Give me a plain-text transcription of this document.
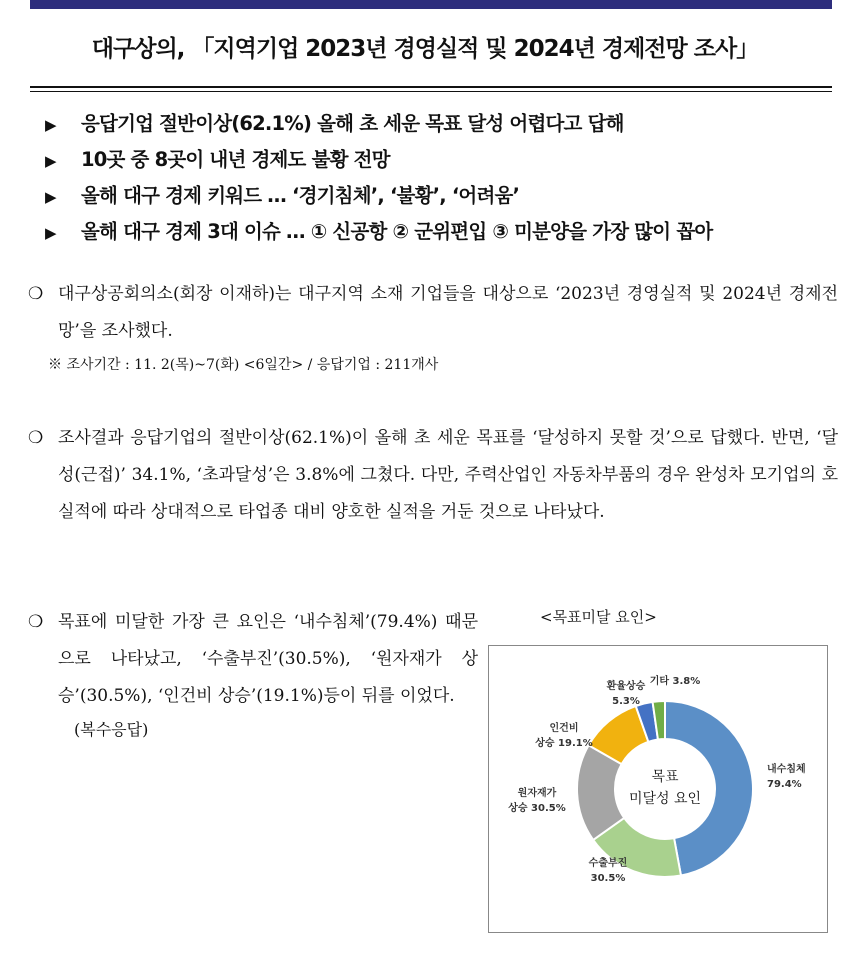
대구상의, 「지역기업 2023년 경영실적 및 2024년 경제전망 조사」
▶ 응답기업 절반이상(62.1%) 올해 초 세운 목표 달성 어렵다고 답해
▶ 10곳 중 8곳이 내년 경제도 불황 전망
▶ 올해 대구 경제 키워드 … ‘경기침체’, ‘불황’, ‘어려움’
▶ 올해 대구 경제 3대 이슈 … ① 신공항 ② 군위편입 ③ 미분양을 가장 많이 꼽아
❍ 대구상공회의소(회장 이재하)는 대구지역 소재 기업들을 대상으로 ‘2023년 경영실적 및 2024년 경제전망’을 조사했다.
※ 조사기간 : 11. 2(목)~7(화) <6일간> / 응답기업 : 211개사
❍ 조사결과 응답기업의 절반이상(62.1%)이 올해 초 세운 목표를 ‘달성하지 못할 것’으로 답했다. 반면, ‘달성(근접)’ 34.1%, ‘초과달성’은 3.8%에 그쳤다. 다만, 주력산업인 자동차부품의 경우 완성차 모기업의 호실적에 따라 상대적으로 타업종 대비 양호한 실적을 거둔 것으로 나타났다.
❍ 목표에 미달한 가장 큰 요인은 ‘내수침체’(79.4%) 때문으로 나타났고, ‘수출부진’(30.5%), ‘원자재가 상승’(30.5%), ‘인건비 상승’(19.1%)등이 뒤를 이었다.
(복수응답)
<목표미달 요인>
내수침체 79.4%
수출부진 30.5%
원자재가 상승 30.5%
인건비 상승 19.1%
환율상승 5.3%
기타 3.8%
목표
미달성 요인
